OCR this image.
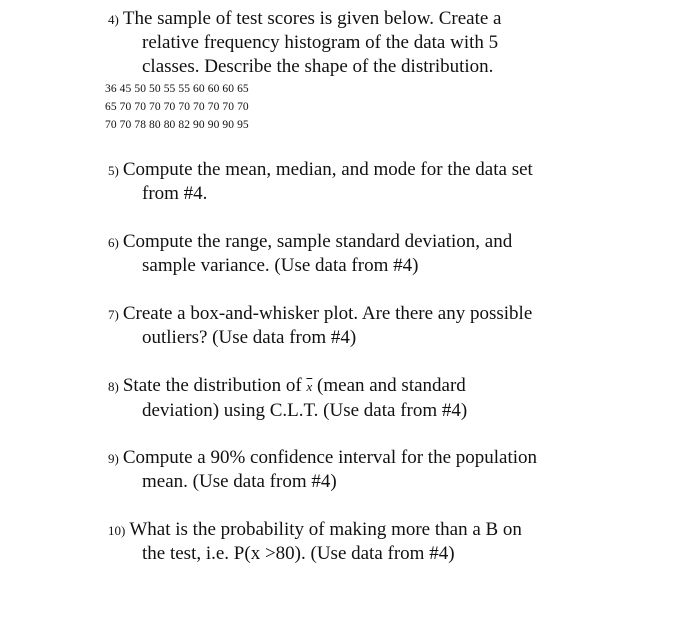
4) The sample of test scores is given below. Create a
relative frequency histogram of the data with 5
classes. Describe the shape of the distribution.
36 45 50 50 55 55 60 60 60 65
65 70 70 70 70 70 70 70 70 70
70 70 78 80 80 82 90 90 90 95
5) Compute the mean, median, and mode for the data set
from #4.
6) Compute the range, sample standard deviation, and
sample variance. (Use data from #4)
7) Create a box-and-whisker plot. Are there any possible
outliers? (Use data from #4)
8) State the distribution of $\overline{x}$ (mean and standard
deviation) using C.L.T. (Use data from #4)
9) Compute a 90% confidence interval for the population
mean. (Use data from #4)
10) What is the probability of making more than a B on
the test, i.e. P(x >80). (Use data from #4)
